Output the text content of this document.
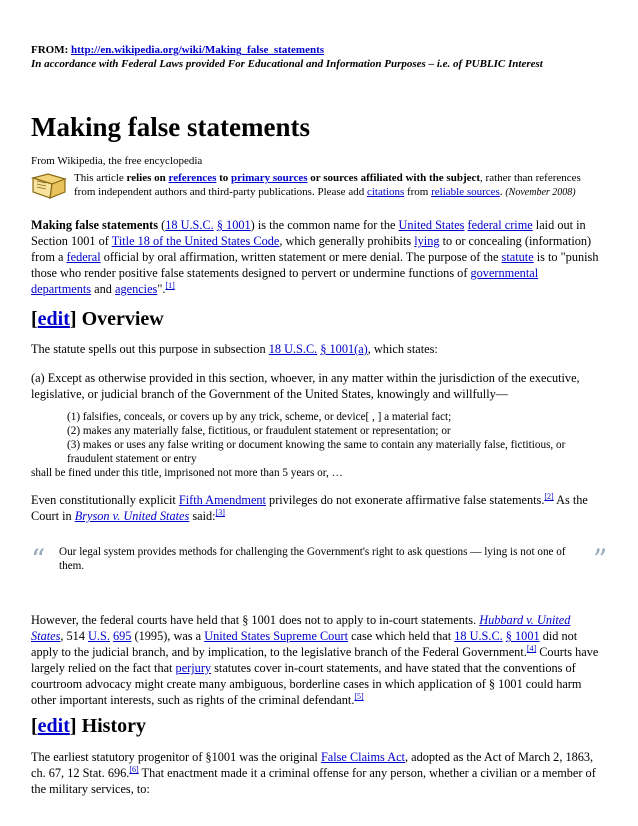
FROM: http://en.wikipedia.org/wiki/Making_false_statements
In accordance with Federal Laws provided For Educational and Information Purposes – i.e. of PUBLIC Interest
Making false statements
From Wikipedia, the free encyclopedia
This article relies on references to primary sources or sources affiliated with the subject, rather than references
from independent authors and third-party publications. Please add citations from reliable sources. (November 2008)
Making false statements (18 U.S.C. § 1001) is the common name for the United States federal crime laid out in
Section 1001 of Title 18 of the United States Code, which generally prohibits lying to or concealing (information)
from a federal official by oral affirmation, written statement or mere denial. The purpose of the statute is to "punish
those who render positive false statements designed to pervert or undermine functions of governmental
departments and agencies".[1]
[edit] Overview
The statute spells out this purpose in subsection 18 U.S.C. § 1001(a), which states:
(a) Except as otherwise provided in this section, whoever, in any matter within the jurisdiction of the executive, legislative, or judicial branch of the Government of the United States, knowingly and willfully—
(1) falsifies, conceals, or covers up by any trick, scheme, or device[ , ] a material fact;
(2) makes any materially false, fictitious, or fraudulent statement or representation; or
(3) makes or uses any false writing or document knowing the same to contain any materially false, fictitious, or
fraudulent statement or entry
shall be fined under this title, imprisoned not more than 5 years or, …
Even constitutionally explicit Fifth Amendment privileges do not exonerate affirmative false statements.[2] As the
Court in Bryson v. United States said:[3]
“ Our legal system provides methods for challenging the Government's right to ask questions — lying is not one of them.	”
However, the federal courts have held that § 1001 does not to apply to in-court statements. Hubbard v. United
States, 514 U.S. 695 (1995), was a United States Supreme Court case which held that 18 U.S.C. § 1001 did not
apply to the judicial branch, and by implication, to the legislative branch of the Federal Government.[4] Courts have
largely relied on the fact that perjury statutes cover in-court statements, and have stated that the conventions of
courtroom advocacy might create many ambiguous, borderline cases in which application of § 1001 could harm
other important interests, such as rights of the criminal defendant.[5]
[edit] History
The earliest statutory progenitor of §1001 was the original False Claims Act, adopted as the Act of March 2, 1863,
ch. 67, 12 Stat. 696.[6] That enactment made it a criminal offense for any person, whether a civilian or a member of
the military services, to:
